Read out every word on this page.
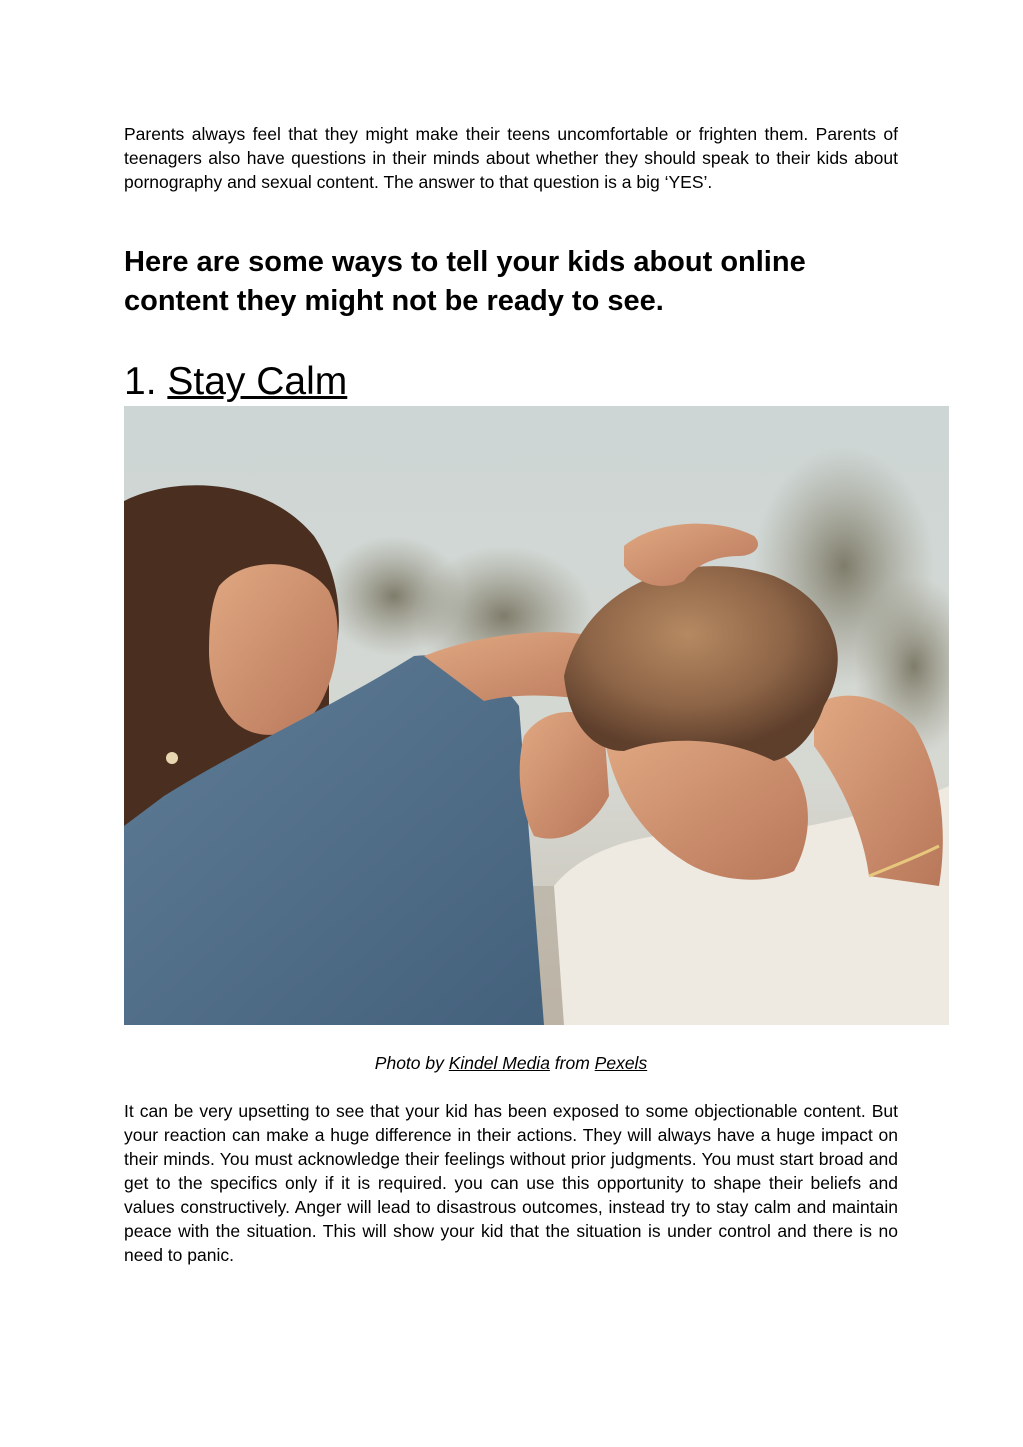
Parents always feel that they might make their teens uncomfortable or frighten them. Parents of teenagers also have questions in their minds about whether they should speak to their kids about pornography and sexual content. The answer to that question is a big ‘YES’.

Here are some ways to tell your kids about online content they might not be ready to see.
1. Stay Calm

Photo by Kindel Media from Pexels

It can be very upsetting to see that your kid has been exposed to some objectionable content. But your reaction can make a huge difference in their actions. They will always have a huge impact on their minds. You must acknowledge their feelings without prior judgments. You must start broad and get to the specifics only if it is required. you can use this opportunity to shape their beliefs and values constructively. Anger will lead to disastrous outcomes, instead try to stay calm and maintain peace with the situation. This will show your kid that the situation is under control and there is no need to panic.
